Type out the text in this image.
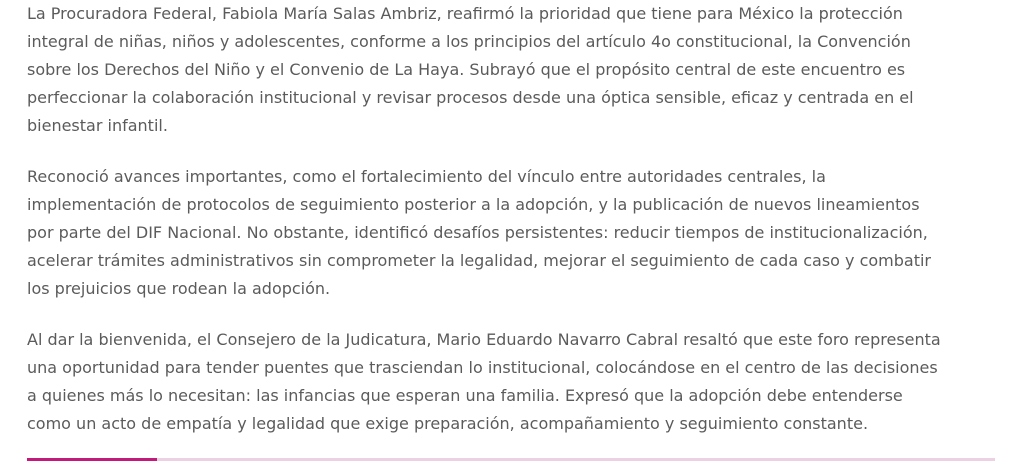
La Procuradora Federal, Fabiola María Salas Ambriz, reafirmó la prioridad que tiene para México la protección
integral de niñas, niños y adolescentes, conforme a los principios del artículo 4o constitucional, la Convención
sobre los Derechos del Niño y el Convenio de La Haya. Subrayó que el propósito central de este encuentro es
perfeccionar la colaboración institucional y revisar procesos desde una óptica sensible, eficaz y centrada en el
bienestar infantil.

Reconoció avances importantes, como el fortalecimiento del vínculo entre autoridades centrales, la
implementación de protocolos de seguimiento posterior a la adopción, y la publicación de nuevos lineamientos
por parte del DIF Nacional. No obstante, identificó desafíos persistentes: reducir tiempos de institucionalización,
acelerar trámites administrativos sin comprometer la legalidad, mejorar el seguimiento de cada caso y combatir
los prejuicios que rodean la adopción.

Al dar la bienvenida, el Consejero de la Judicatura, Mario Eduardo Navarro Cabral resaltó que este foro representa
una oportunidad para tender puentes que trasciendan lo institucional, colocándose en el centro de las decisiones
a quienes más lo necesitan: las infancias que esperan una familia. Expresó que la adopción debe entenderse
como un acto de empatía y legalidad que exige preparación, acompañamiento y seguimiento constante.
